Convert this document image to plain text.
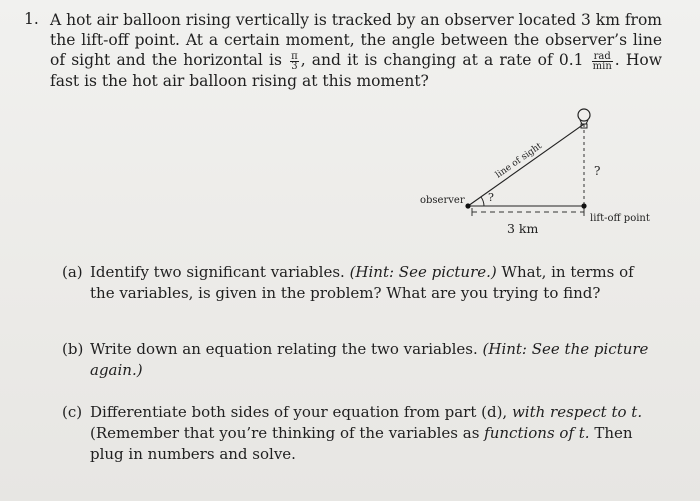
1. A hot air balloon rising vertically is tracked by an observer located 3 km from the lift-off point. At a certain moment, the angle between the observer’s line of sight and the horizontal is $\frac{\pi}{3}$ , and it is changing at a rate of $0.1 \frac{\text{rad}}{\min}$ . How fast is the hot air balloon rising at this moment?
observer
line of sight
?
?
lift-off point
3 km
(a) Identify two significant variables. (Hint: See picture.) What, in terms of the variables, is given in the problem? What are you trying to find?
(b) Write down an equation relating the two variables. (Hint: See the picture again.)
(c) Differentiate both sides of your equation from part (d), with respect to t. (Remember that you’re thinking of the variables as functions of t. Then plug in numbers and solve.
